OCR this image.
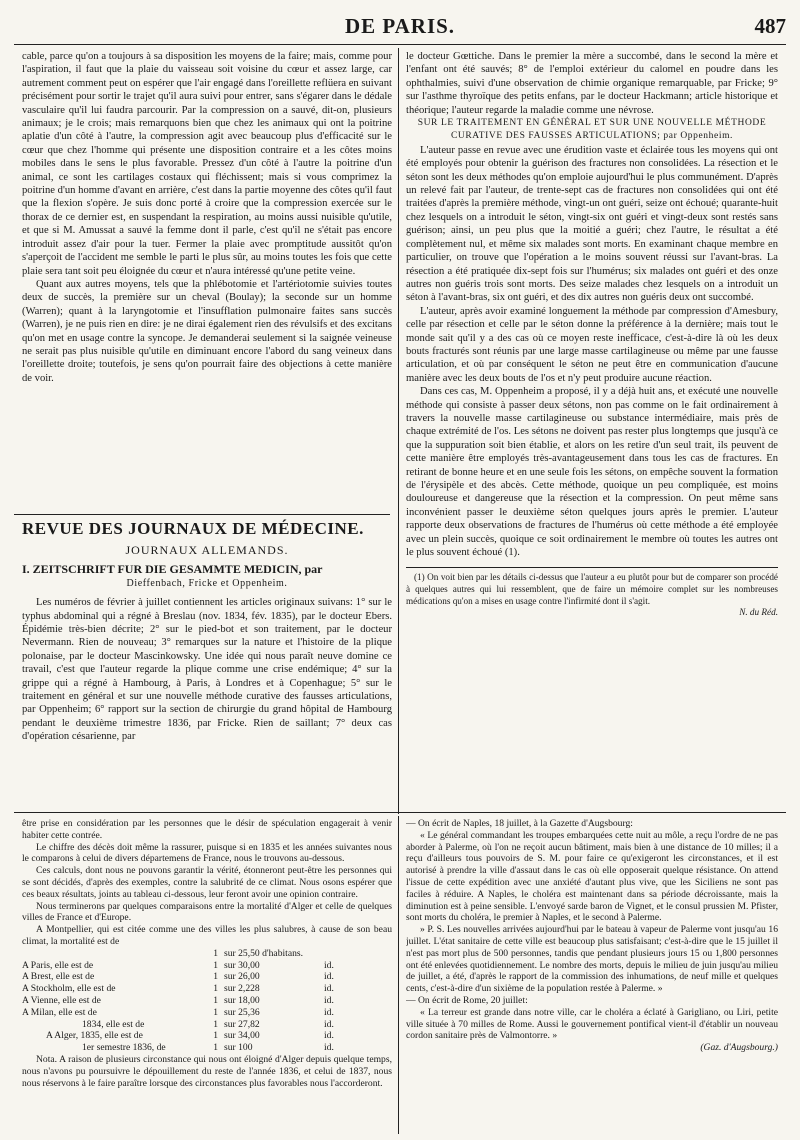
DE PARIS.	487

cable, parce qu'on a toujours à sa disposition les moyens de la faire; mais, comme pour l'aspiration, il faut que la plaie du vaisseau soit voisine du cœur et assez large, car autrement comment peut on espérer que l'air engagé dans l'oreillette reflüera en suivant précisément pour sortir le trajet qu'il aura suivi pour entrer, sans s'égarer dans le dédale vasculaire qu'il lui faudra parcourir. Par la compression on a sauvé, dit-on, plusieurs animaux; je le crois; mais remarquons bien que chez les animaux qui ont la poitrine aplatie d'un côté à l'autre, la compression agit avec beaucoup plus d'efficacité sur le cœur que chez l'homme qui présente une disposition contraire et a les côtes moins mobiles dans le sens le plus favorable. Pressez d'un côté à l'autre la poitrine d'un animal, ce sont les cartilages costaux qui fléchissent; mais si vous comprimez la poitrine d'un homme d'avant en arrière, c'est dans la partie moyenne des côtes qu'il faut que la flexion s'opère. Je suis donc porté à croire que la compression exercée sur le thorax de ce dernier est, en suspendant la respiration, au moins aussi nuisible qu'utile, et que si M. Amussat a sauvé la femme dont il parle, c'est qu'il ne s'était pas encore introduit assez d'air pour la tuer. Fermer la plaie avec promptitude aussitôt qu'on s'aperçoit de l'accident me semble le parti le plus sûr, au moins toutes les fois que cette plaie sera tant soit peu éloignée du cœur et n'aura intéressé qu'une petite veine.

Quant aux autres moyens, tels que la phlébotomie et l'artériotomie suivies toutes deux de succès, la première sur un cheval (Boulay); la seconde sur un homme (Warren); quant à la laryngotomie et l'insufflation pulmonaire faites sans succès (Warren), je ne puis rien en dire: je ne dirai également rien des révulsifs et des excitans qu'on met en usage contre la syncope. Je demanderai seulement si la saignée veineuse ne serait pas plus nuisible qu'utile en diminuant encore l'abord du sang veineux dans l'oreillette droite; toutefois, je sens qu'on pourrait faire des objections à cette manière de voir.

REVUE DES JOURNAUX DE MÉDECINE.
JOURNAUX ALLEMANDS.

I. ZEITSCHRIFT FUR DIE GESAMMTE MEDICIN, par

Dieffenbach, Fricke et Oppenheim.

Les numéros de février à juillet contiennent les articles originaux suivans: 1° sur le typhus abdominal qui a régné à Breslau (nov. 1834, fév. 1835), par le docteur Ebers. Épidémie très-bien décrite; 2° sur le pied-bot et son traitement, par le docteur Nevermann. Rien de nouveau; 3° remarques sur la nature et l'histoire de la plique polonaise, par le docteur Mascinkowsky. Une idée qui nous paraît neuve domine ce travail, c'est que l'auteur regarde la plique comme une crise endémique; 4° sur la grippe qui a régné à Hambourg, à Paris, à Londres et à Copenhague; 5° sur le traitement en général et sur une nouvelle méthode curative des fausses articulations, par Oppenheim; 6° rapport sur la section de chirurgie du grand hôpital de Hambourg pendant le deuxième trimestre 1836, par Fricke. Rien de saillant; 7° deux cas d'opération césarienne, par

le docteur Gœttiche. Dans le premier la mère a succombé, dans le second la mère et l'enfant ont été sauvés; 8° de l'emploi extérieur du calomel en poudre dans les ophthalmies, suivi d'une observation de chimie organique remarquable, par Fricke; 9° sur l'asthme thyroïque des petits enfans, par le docteur Hackmann; article historique et théorique; l'auteur regarde la maladie comme une névrose.

SUR LE TRAITEMENT EN GÉNÉRAL ET SUR UNE NOUVELLE MÉTHODE CURATIVE DES FAUSSES ARTICULATIONS; par Oppenheim.

L'auteur passe en revue avec une érudition vaste et éclairée tous les moyens qui ont été employés pour obtenir la guérison des fractures non consolidées. La résection et le séton sont les deux méthodes qu'on emploie aujourd'hui le plus communément. D'après un relevé fait par l'auteur, de trente-sept cas de fractures non consolidées qui ont été traitées d'après la première méthode, vingt-un ont guéri, seize ont échoué; quarante-huit chez lesquels on a introduit le séton, vingt-six ont guéri et vingt-deux sont restés sans guérison; ainsi, un peu plus que la moitié a guéri; chez l'autre, le résultat a été complètement nul, et même six malades sont morts. En examinant chaque membre en particulier, on trouve que l'opération a le moins souvent réussi sur l'avant-bras. La résection a été pratiquée dix-sept fois sur l'humérus; six malades ont guéri et des onze autres non guéris trois sont morts. Des seize malades chez lesquels on a introduit un séton à l'avant-bras, six ont guéri, et des dix autres non guéris deux ont succombé.

L'auteur, après avoir examiné longuement la méthode par compression d'Amesbury, celle par résection et celle par le séton donne la préférence à la dernière; mais tout le monde sait qu'il y a des cas où ce moyen reste inefficace, c'est-à-dire là où les deux bouts fracturés sont réunis par une large masse cartilagineuse ou même par une fausse articulation, et où par conséquent le séton ne peut être en communication d'aucune manière avec les deux bouts de l'os et n'y peut produire aucune réaction.

Dans ces cas, M. Oppenheim a proposé, il y a déjà huit ans, et exécuté une nouvelle méthode qui consiste à passer deux sétons, non pas comme on le fait ordinairement à travers la nouvelle masse cartilagineuse ou substance intermédiaire, mais près de chaque extrémité de l'os. Les sétons ne doivent pas rester plus longtemps que jusqu'à ce que la suppuration soit bien établie, et alors on les retire d'un seul trait, ils peuvent de cette manière être employés très-avantageusement dans tous les cas de fractures. En retirant de bonne heure et en une seule fois les sétons, on empêche souvent la formation de l'érysipèle et des abcès. Cette méthode, quoique un peu compliquée, est moins douloureuse et dangereuse que la résection et la compression. On peut même sans inconvénient passer le deuxième séton quelques jours après le premier. L'auteur rapporte deux observations de fractures de l'humérus où cette méthode a été employée avec un plein succès, quoique ce soit ordinairement le membre où toutes les autres ont le plus souvent échoué (1).

(1) On voit bien par les détails ci-dessus que l'auteur a eu plutôt pour but de comparer son procédé à quelques autres qui lui ressemblent, que de faire un mémoire complet sur les nombreuses médications qu'on a mises en usage contre l'infirmité dont il s'agit.

N. du Réd.

être prise en considération par les personnes que le désir de spéculation engagerait à venir habiter cette contrée.

Le chiffre des décès doit même la rassurer, puisque si en 1835 et les années suivantes nous le comparons à celui de divers départemens de France, nous le trouvons au-dessous.

Ces calculs, dont nous ne pouvons garantir la vérité, étonneront peut-être les personnes qui se sont décidés, d'après des exemples, contre la salubrité de ce climat. Nous osons espérer que ces beaux résultats, joints au tableau ci-dessous, leur feront avoir une opinion contraire.

Nous terminerons par quelques comparaisons entre la mortalité d'Alger et celle de quelques villes de France et d'Europe.

A Montpellier, qui est citée comme une des villes les plus salubres, à cause de son beau climat, la mortalité est de

1 sur 25,50 d'habitans.
A Paris, elle est de	1 sur 30,00	id.
A Brest, elle est de	1 sur 26,00	id.
A Stockholm, elle est de	1 sur 2,228	id.
A Vienne, elle est de	1 sur 18,00	id.
A Milan, elle est de	1 sur 25,36	id.
1834, elle est de	1 sur 27,82	id.
A Alger, 1835, elle est de	1 sur 34,00	id.
1er semestre 1836, de	1 sur 100	id.

Nota. A raison de plusieurs circonstance qui nous ont éloigné d'Alger depuis quelque temps, nous n'avons pu poursuivre le dépouillement du reste de l'année 1836, et celui de 1837, nous nous réservons à le faire paraître lorsque des circonstances plus favorables nous l'accorderont.

— On écrit de Naples, 18 juillet, à la Gazette d'Augsbourg:

« Le général commandant les troupes embarquées cette nuit au môle, a reçu l'ordre de ne pas aborder à Palerme, où l'on ne reçoit aucun bâtiment, mais bien à une distance de 10 milles; il a reçu d'ailleurs tous pouvoirs de S. M. pour faire ce qu'exigeront les circonstances, et il est autorisé à prendre la ville d'assaut dans le cas où elle opposerait quelque résistance. On attend l'issue de cette expédition avec une anxiété d'autant plus vive, que les Siciliens ne sont pas faciles à réduire. A Naples, le choléra est maintenant dans sa période décroissante, mais la diminution est à peine sensible. L'envoyé sarde baron de Vignet, et le consul prussien M. Pfister, sont morts du choléra, le premier à Naples, et le second à Palerme.

» P. S. Les nouvelles arrivées aujourd'hui par le bateau à vapeur de Palerme vont jusqu'au 16 juillet. L'état sanitaire de cette ville est beaucoup plus satisfaisant; c'est-à-dire que le 15 juillet il n'est pas mort plus de 500 personnes, tandis que pendant plusieurs jours 15 ou 1,800 personnes ont été enlevées quotidiennement. Le nombre des morts, depuis le milieu de juin jusqu'au milieu de juillet, a été, d'après le rapport de la commission des inhumations, de neuf mille et quelques cents, c'est-à-dire d'un sixième de la population restée à Palerme. »

— On écrit de Rome, 20 juillet:

« La terreur est grande dans notre ville, car le choléra a éclaté à Garigliano, ou Liri, petite ville située à 70 milles de Rome. Aussi le gouvernement pontifical vient-il d'établir un nouveau cordon sanitaire près de Valmontorre. »

(Gaz. d'Augsbourg.)
